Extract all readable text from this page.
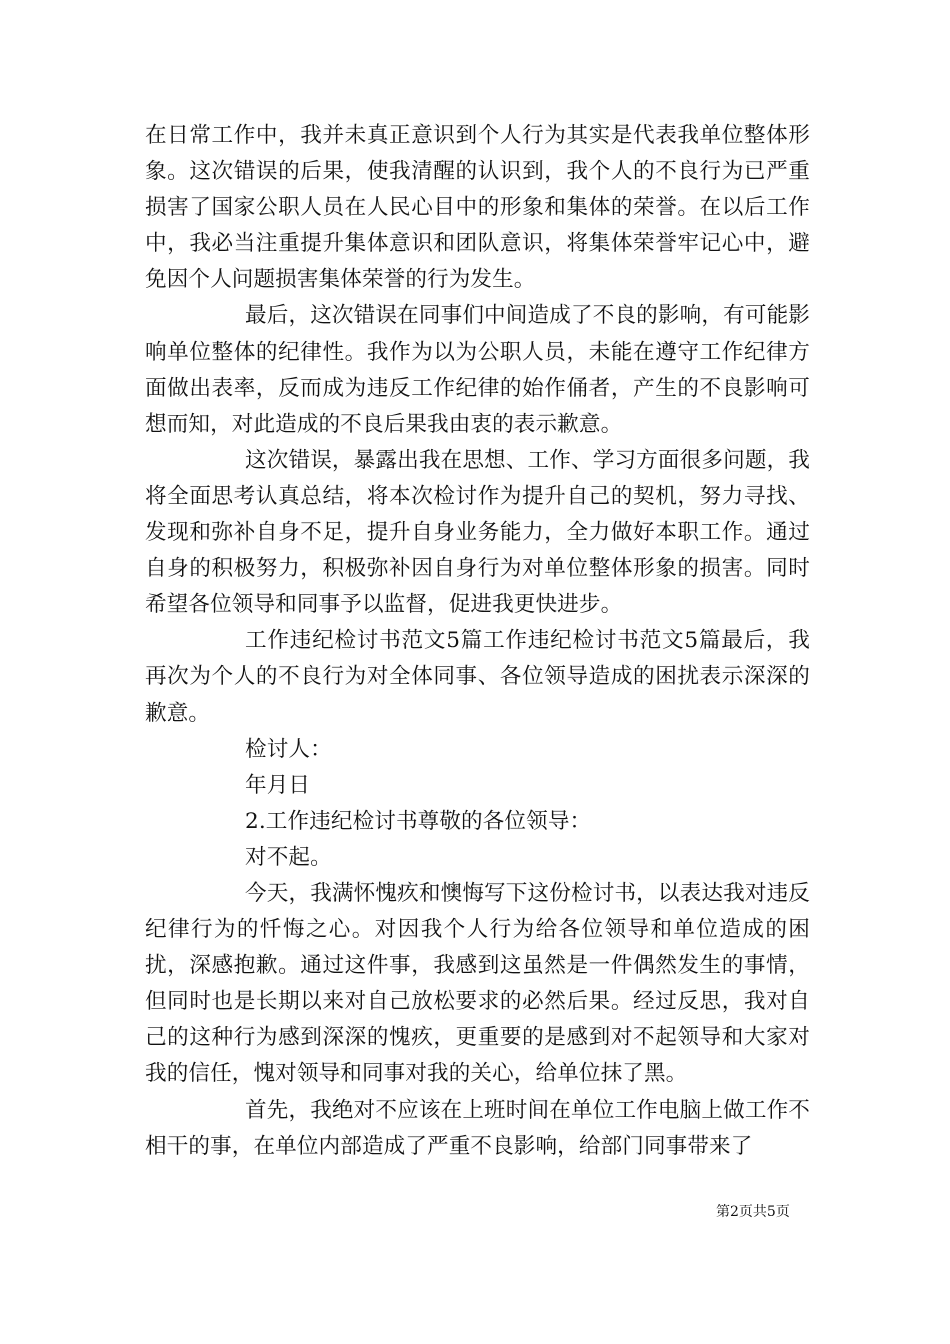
在日常工作中，我并未真正意识到个人行为其实是代表我单位整体形象。这次错误的后果，使我清醒的认识到，我个人的不良行为已严重损害了国家公职人员在人民心目中的形象和集体的荣誉。在以后工作中，我必当注重提升集体意识和团队意识，将集体荣誉牢记心中，避免因个人问题损害集体荣誉的行为发生。

最后，这次错误在同事们中间造成了不良的影响，有可能影响单位整体的纪律性。我作为以为公职人员，未能在遵守工作纪律方面做出表率，反而成为违反工作纪律的始作俑者，产生的不良影响可想而知，对此造成的不良后果我由衷的表示歉意。

这次错误，暴露出我在思想、工作、学习方面很多问题，我将全面思考认真总结，将本次检讨作为提升自己的契机，努力寻找、发现和弥补自身不足，提升自身业务能力，全力做好本职工作。通过自身的积极努力，积极弥补因自身行为对单位整体形象的损害。同时希望各位领导和同事予以监督，促进我更快进步。

工作违纪检讨书范文5篇工作违纪检讨书范文5篇最后，我再次为个人的不良行为对全体同事、各位领导造成的困扰表示深深的歉意。

检讨人：

年月日

2.工作违纪检讨书尊敬的各位领导：

对不起。

今天，我满怀愧疚和懊悔写下这份检讨书，以表达我对违反纪律行为的忏悔之心。对因我个人行为给各位领导和单位造成的困扰，深感抱歉。通过这件事，我感到这虽然是一件偶然发生的事情，但同时也是长期以来对自己放松要求的必然后果。经过反思，我对自己的这种行为感到深深的愧疚，更重要的是感到对不起领导和大家对我的信任，愧对领导和同事对我的关心，给单位抹了黑。

首先，我绝对不应该在上班时间在单位工作电脑上做工作不相干的事，在单位内部造成了严重不良影响，给部门同事带来了

第2页共5页
